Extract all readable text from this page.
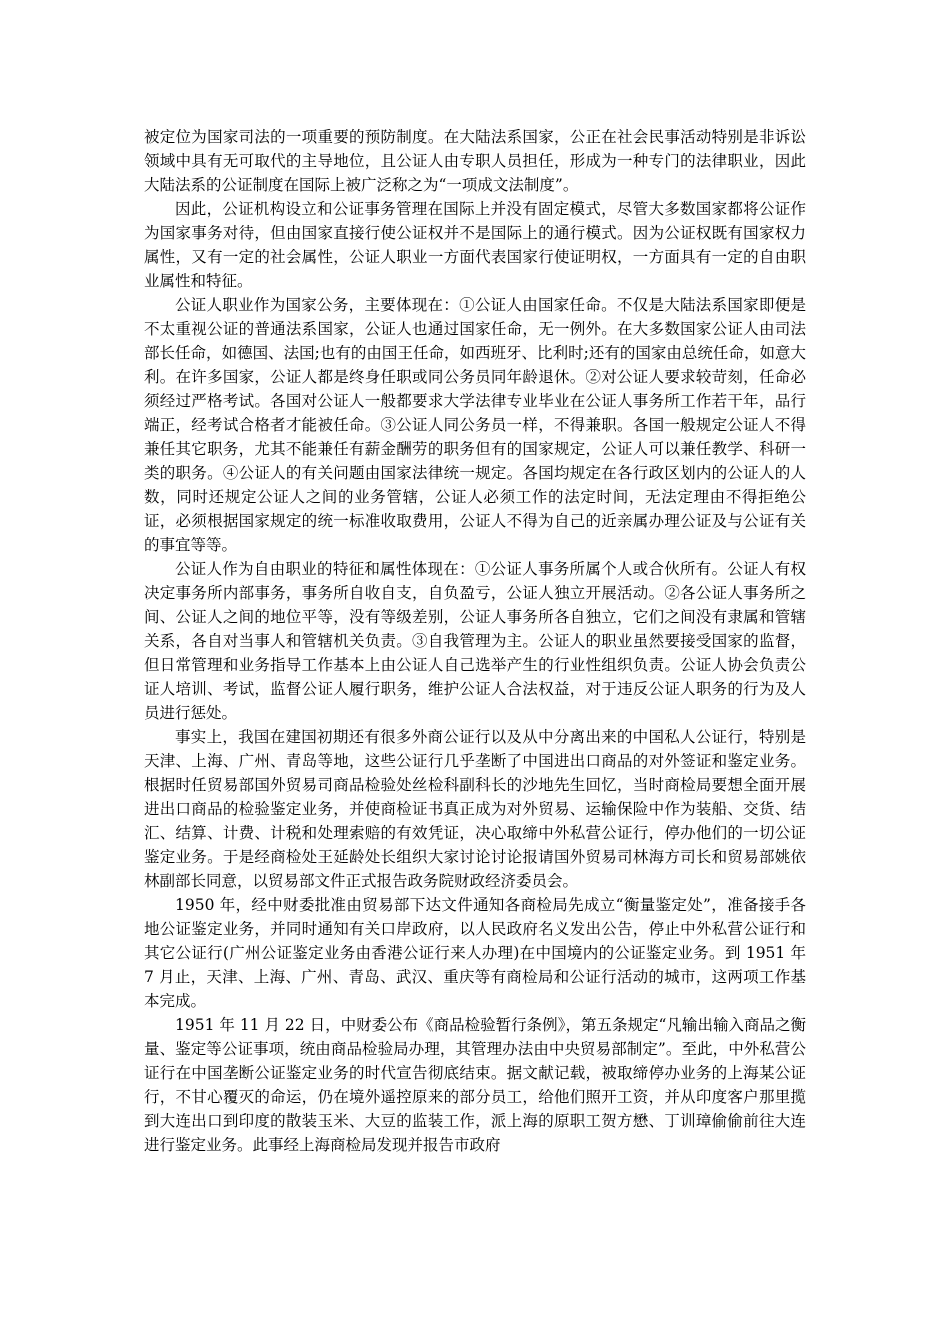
被定位为国家司法的一项重要的预防制度。在大陆法系国家，公正在社会民事活动特别是非诉讼领域中具有无可取代的主导地位，且公证人由专职人员担任，形成为一种专门的法律职业，因此大陆法系的公证制度在国际上被广泛称之为“一项成文法制度”。

因此，公证机构设立和公证事务管理在国际上并没有固定模式，尽管大多数国家都将公证作为国家事务对待，但由国家直接行使公证权并不是国际上的通行模式。因为公证权既有国家权力属性，又有一定的社会属性，公证人职业一方面代表国家行使证明权，一方面具有一定的自由职业属性和特征。

公证人职业作为国家公务，主要体现在：①公证人由国家任命。不仅是大陆法系国家即便是不太重视公证的普通法系国家，公证人也通过国家任命，无一例外。在大多数国家公证人由司法部长任命，如德国、法国;也有的由国王任命，如西班牙、比利时;还有的国家由总统任命，如意大利。在许多国家，公证人都是终身任职或同公务员同年龄退休。②对公证人要求较苛刻，任命必须经过严格考试。各国对公证人一般都要求大学法律专业毕业在公证人事务所工作若干年，品行端正，经考试合格者才能被任命。③公证人同公务员一样，不得兼职。各国一般规定公证人不得兼任其它职务，尤其不能兼任有薪金酬劳的职务但有的国家规定，公证人可以兼任教学、科研一类的职务。④公证人的有关问题由国家法律统一规定。各国均规定在各行政区划内的公证人的人数，同时还规定公证人之间的业务管辖，公证人必须工作的法定时间，无法定理由不得拒绝公证，必须根据国家规定的统一标准收取费用，公证人不得为自己的近亲属办理公证及与公证有关的事宜等等。

公证人作为自由职业的特征和属性体现在：①公证人事务所属个人或合伙所有。公证人有权决定事务所内部事务，事务所自收自支，自负盈亏，公证人独立开展活动。②各公证人事务所之间、公证人之间的地位平等，没有等级差别，公证人事务所各自独立，它们之间没有隶属和管辖关系，各自对当事人和管辖机关负责。③自我管理为主。公证人的职业虽然要接受国家的监督，但日常管理和业务指导工作基本上由公证人自己选举产生的行业性组织负责。公证人协会负责公证人培训、考试，监督公证人履行职务，维护公证人合法权益，对于违反公证人职务的行为及人员进行惩处。

事实上，我国在建国初期还有很多外商公证行以及从中分离出来的中国私人公证行，特别是天津、上海、广州、青岛等地，这些公证行几乎垄断了中国进出口商品的对外签证和鉴定业务。根据时任贸易部国外贸易司商品检验处丝检科副科长的沙地先生回忆，当时商检局要想全面开展进出口商品的检验鉴定业务，并使商检证书真正成为对外贸易、运输保险中作为装船、交货、结汇、结算、计费、计税和处理索赔的有效凭证，决心取缔中外私营公证行，停办他们的一切公证鉴定业务。于是经商检处王延龄处长组织大家讨论讨论报请国外贸易司林海方司长和贸易部姚依林副部长同意，以贸易部文件正式报告政务院财政经济委员会。

1950 年，经中财委批准由贸易部下达文件通知各商检局先成立“衡量鉴定处”，准备接手各地公证鉴定业务，并同时通知有关口岸政府，以人民政府名义发出公告，停止中外私营公证行和其它公证行(广州公证鉴定业务由香港公证行来人办理)在中国境内的公证鉴定业务。到 1951 年 7 月止，天津、上海、广州、青岛、武汉、重庆等有商检局和公证行活动的城市，这两项工作基本完成。

1951 年 11 月 22 日，中财委公布《商品检验暂行条例》，第五条规定“凡输出输入商品之衡量、鉴定等公证事项，统由商品检验局办理，其管理办法由中央贸易部制定”。至此，中外私营公证行在中国垄断公证鉴定业务的时代宣告彻底结束。据文献记载，被取缔停办业务的上海某公证行，不甘心覆灭的命运，仍在境外遥控原来的部分员工，给他们照开工资，并从印度客户那里揽到大连出口到印度的散装玉米、大豆的监装工作，派上海的原职工贺方懋、丁训璋偷偷前往大连进行鉴定业务。此事经上海商检局发现并报告市政府
